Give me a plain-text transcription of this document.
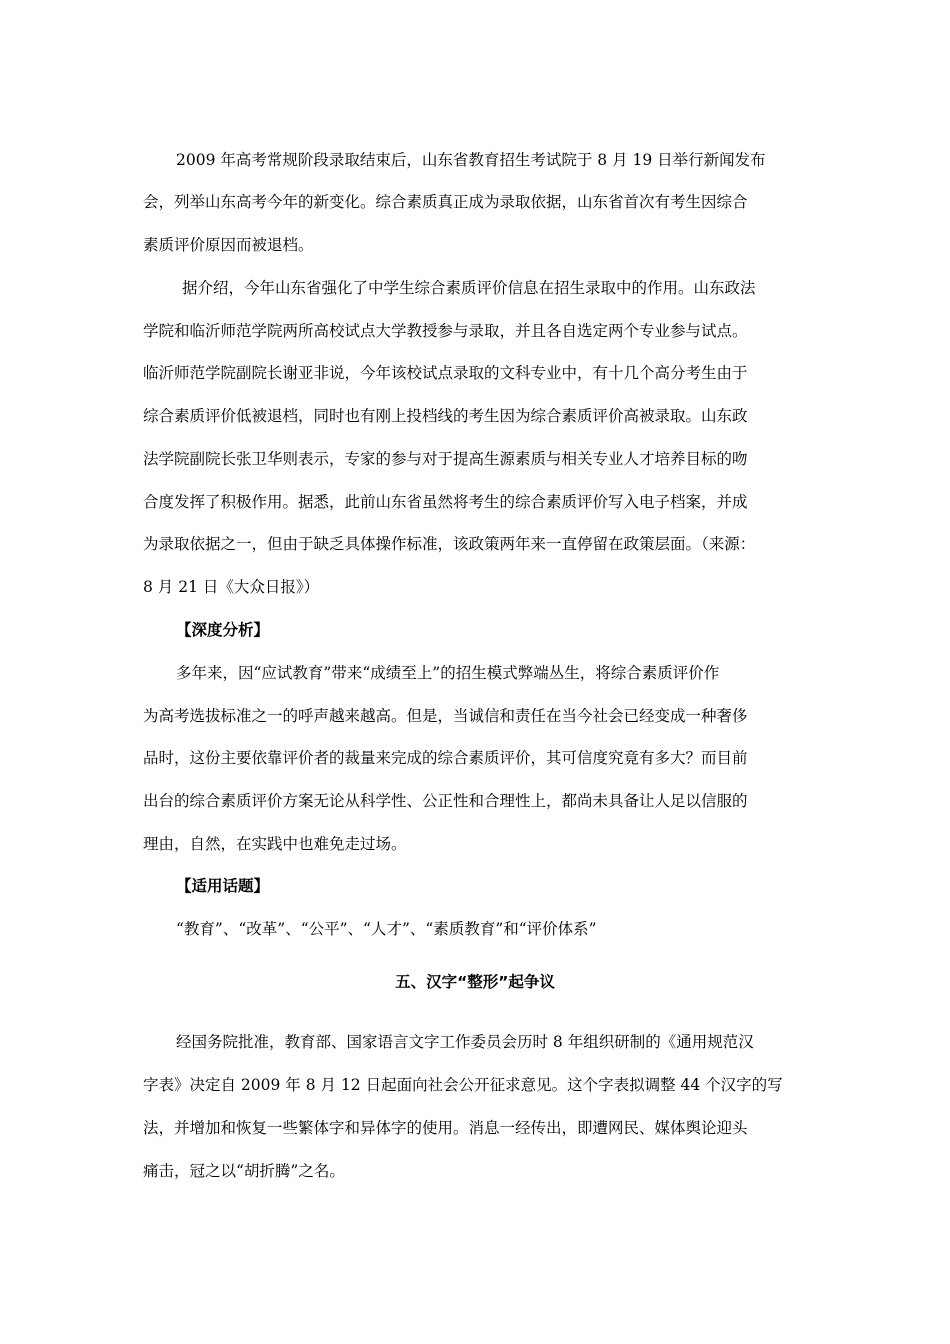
2009 年高考常规阶段录取结束后，山东省教育招生考试院于 8 月 19 日举行新闻发布
会，列举山东高考今年的新变化。综合素质真正成为录取依据，山东省首次有考生因综合
素质评价原因而被退档。
据介绍，今年山东省强化了中学生综合素质评价信息在招生录取中的作用。山东政法
学院和临沂师范学院两所高校试点大学教授参与录取，并且各自选定两个专业参与试点。
临沂师范学院副院长谢亚非说，今年该校试点录取的文科专业中，有十几个高分考生由于
综合素质评价低被退档，同时也有刚上投档线的考生因为综合素质评价高被录取。山东政
法学院副院长张卫华则表示，专家的参与对于提高生源素质与相关专业人才培养目标的吻
合度发挥了积极作用。据悉，此前山东省虽然将考生的综合素质评价写入电子档案，并成
为录取依据之一，但由于缺乏具体操作标准，该政策两年来一直停留在政策层面。（来源：
8 月 21 日《大众日报》）
【深度分析】
多年来，因“应试教育”带来“成绩至上”的招生模式弊端丛生，将综合素质评价作
为高考选拔标准之一的呼声越来越高。但是，当诚信和责任在当今社会已经变成一种奢侈
品时，这份主要依靠评价者的裁量来完成的综合素质评价，其可信度究竟有多大？而目前
出台的综合素质评价方案无论从科学性、公正性和合理性上，都尚未具备让人足以信服的
理由，自然，在实践中也难免走过场。
【适用话题】
“教育”、“改革”、“公平”、“人才”、“素质教育”和“评价体系”
五、汉字“整形”起争议
经国务院批准，教育部、国家语言文字工作委员会历时 8 年组织研制的《通用规范汉
字表》决定自 2009 年 8 月 12 日起面向社会公开征求意见。这个字表拟调整 44 个汉字的写
法，并增加和恢复一些繁体字和异体字的使用。消息一经传出，即遭网民、媒体舆论迎头
痛击，冠之以“胡折腾”之名。
